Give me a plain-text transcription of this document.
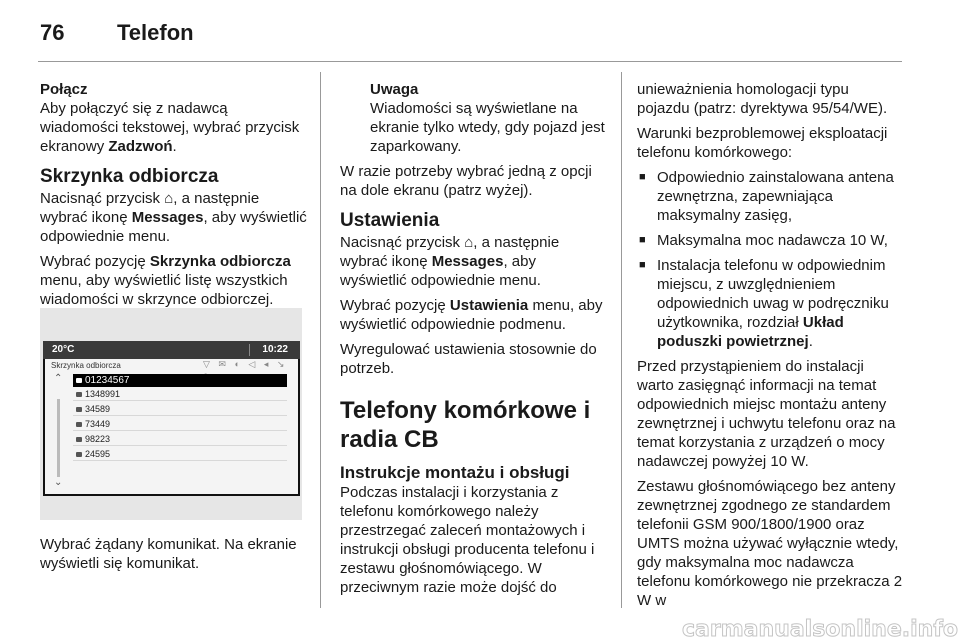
76 Telefon
Połącz

Aby połączyć się z nadawcą wiadomości tekstowej, wybrać przycisk ekranowy Zadzwoń.

Skrzynka odbiorcza

Nacisnąć przycisk ⌂, a następnie wybrać ikonę Messages, aby wyświetlić odpowiednie menu.

Wybrać pozycję Skrzynka odbiorcza menu, aby wyświetlić listę wszystkich wiadomości w skrzynce odbiorczej.

20°C	10:22
Skrzynka odbiorcza	▽ ✉ ◐ ◁ ◂ ↘
⌃
⌄
01234567
1348991
34589
73449
98223
24595
Wybrać żądany komunikat. Na ekranie wyświetli się komunikat.
Uwaga

Wiadomości są wyświetlane na ekranie tylko wtedy, gdy pojazd jest zaparkowany.

W razie potrzeby wybrać jedną z opcji na dole ekranu (patrz wyżej).

Ustawienia

Nacisnąć przycisk ⌂, a następnie wybrać ikonę Messages, aby wyświetlić odpowiednie menu.

Wybrać pozycję Ustawienia menu, aby wyświetlić odpowiednie podmenu.

Wyregulować ustawienia stosownie do potrzeb.

Telefony komórkowe i radia CB
Instrukcje montażu i obsługi

Podczas instalacji i korzystania z telefonu komórkowego należy przestrzegać zaleceń montażowych i instrukcji obsługi producenta telefonu i zestawu głośnomówiącego. W przeciwnym razie może dojść do

unieważnienia homologacji typu pojazdu (patrz: dyrektywa 95/54/WE).

Warunki bezproblemowej eksploatacji telefonu komórkowego:

■ Odpowiednio zainstalowana antena zewnętrzna, zapewniająca maksymalny zasięg,
■ Maksymalna moc nadawcza 10 W,
■ Instalacja telefonu w odpowiednim miejscu, z uwzględnieniem odpowiednich uwag w podręczniku użytkownika, rozdział Układ poduszki powietrznej.

Przed przystąpieniem do instalacji warto zasięgnąć informacji na temat odpowiednich miejsc montażu anteny zewnętrznej i uchwytu telefonu oraz na temat korzystania z urządzeń o mocy nadawczej powyżej 10 W.

Zestawu głośnomówiącego bez anteny zewnętrznej zgodnego ze standardem telefonii GSM 900/1800/1900 oraz UMTS można używać wyłącznie wtedy, gdy maksymalna moc nadawcza telefonu komórkowego nie przekracza 2 W w

carmanualsonline.info
